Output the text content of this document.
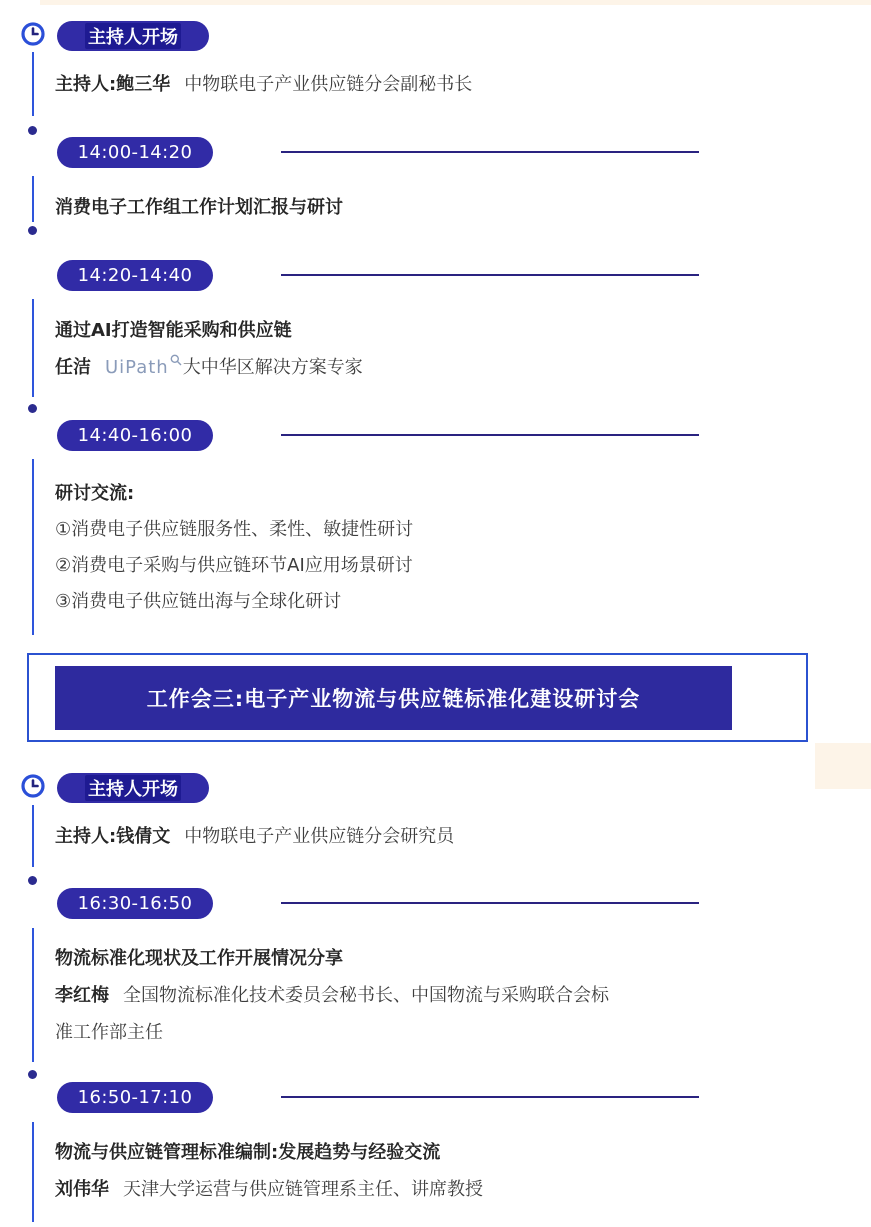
主持人开场
主持人:鲍三华 中物联电子产业供应链分会副秘书长
14:00-14:20
消费电子工作组工作计划汇报与研讨
14:20-14:40
通过AI打造智能采购和供应链
任洁 UiPath 大中华区解决方案专家
14:40-16:00
研讨交流:
①消费电子供应链服务性、柔性、敏捷性研讨
②消费电子采购与供应链环节AI应用场景研讨
③消费电子供应链出海与全球化研讨
工作会三:电子产业物流与供应链标准化建设研讨会
主持人开场
主持人:钱倩文 中物联电子产业供应链分会研究员
16:30-16:50
物流标准化现状及工作开展情况分享
李红梅 全国物流标准化技术委员会秘书长、中国物流与采购联合会标
准工作部主任
16:50-17:10
物流与供应链管理标准编制:发展趋势与经验交流
刘伟华 天津大学运营与供应链管理系主任、讲席教授
